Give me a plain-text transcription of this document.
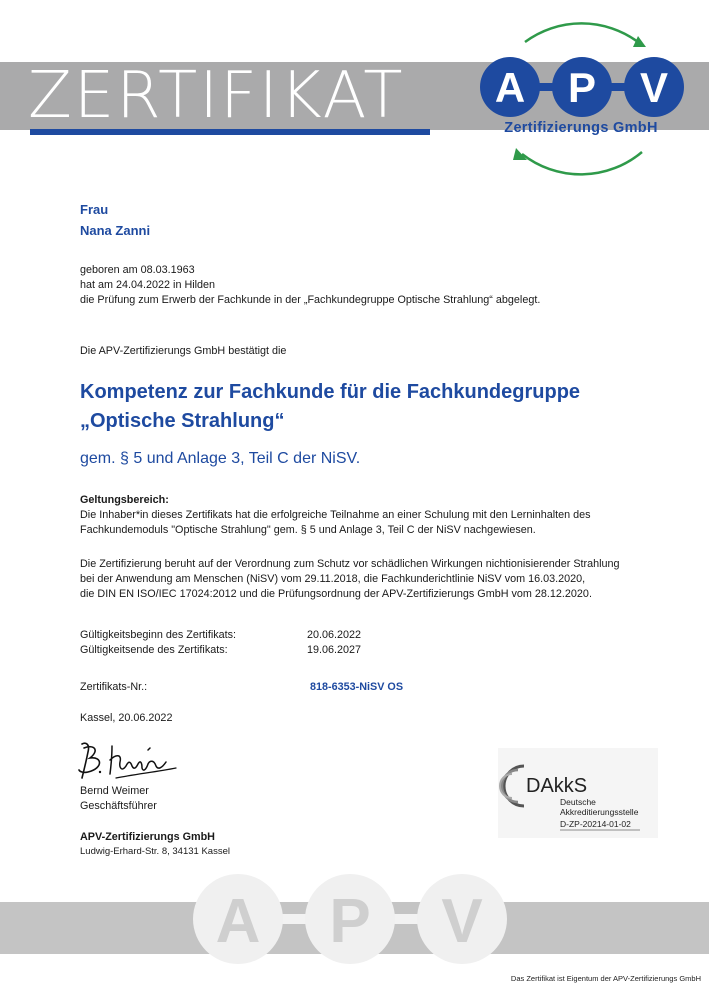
ZERTIFIKAT A P V
Zertifizierungs GmbH
Frau
Nana Zanni
geboren am 08.03.1963
hat am 24.04.2022 in Hilden
die Prüfung zum Erwerb der Fachkunde in der „Fachkundegruppe Optische Strahlung“ abgelegt.
Die APV-Zertifizierungs GmbH bestätigt die
Kompetenz zur Fachkunde für die Fachkundegruppe
„Optische Strahlung“
gem. § 5 und Anlage 3, Teil C der NiSV.
Geltungsbereich:
Die Inhaber*in dieses Zertifikats hat die erfolgreiche Teilnahme an einer Schulung mit den Lerninhalten des
Fachkundemoduls "Optische Strahlung" gem. § 5 und Anlage 3, Teil C der NiSV nachgewiesen.
Die Zertifizierung beruht auf der Verordnung zum Schutz vor schädlichen Wirkungen nichtionisierender Strahlung
bei der Anwendung am Menschen (NiSV) vom 29.11.2018, die Fachkunderichtlinie NiSV vom 16.03.2020,
die DIN EN ISO/IEC 17024:2012 und die Prüfungsordnung der APV-Zertifizierungs GmbH vom 28.12.2020.
Gültigkeitsbeginn des Zertifikats:	20.06.2022
Gültigkeitsende des Zertifikats:	19.06.2027
Zertifikats-Nr.:	818-6353-NiSV OS
Kassel, 20.06.2022
Bernd Weimer
Geschäftsführer
APV-Zertifizierungs GmbH
Ludwig-Erhard-Str. 8, 34131 Kassel
DAkkS
Deutsche
Akkreditierungsstelle
D-ZP-20214-01-02
A P V
Das Zertifikat ist Eigentum der APV-Zertifizierungs GmbH
